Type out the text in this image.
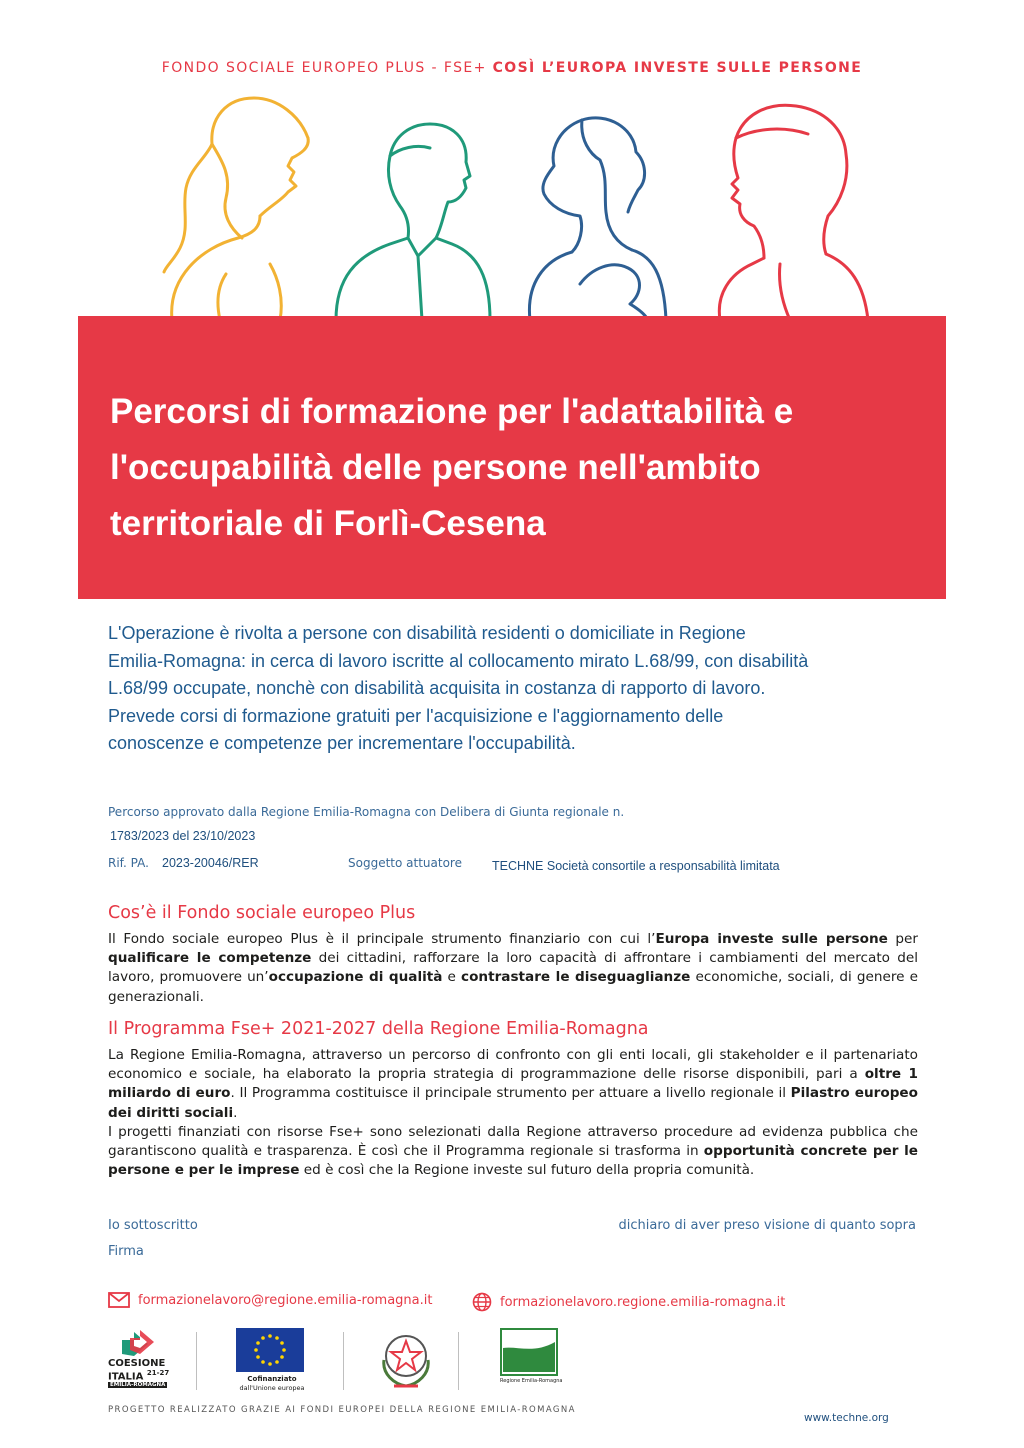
FONDO SOCIALE EUROPEO PLUS - FSE+ COSÌ L’EUROPA INVESTE SULLE PERSONE
Percorsi di formazione per l'adattabilità e
l'occupabilità delle persone nell'ambito
territoriale di Forlì-Cesena
L'Operazione è rivolta a persone con disabilità residenti o domiciliate in Regione
Emilia-Romagna: in cerca di lavoro iscritte al collocamento mirato L.68/99, con disabilità
L.68/99 occupate, nonchè con disabilità acquisita in costanza di rapporto di lavoro.
Prevede corsi di formazione gratuiti per l'acquisizione e l'aggiornamento delle
conoscenze e competenze per incrementare l'occupabilità.
Percorso approvato dalla Regione Emilia-Romagna con Delibera di Giunta regionale n.
1783/2023 del 23/10/2023
Rif. PA. 2023-20046/RER	Soggetto attuatore TECHNE Società consortile a responsabilità limitata
Cos’è il Fondo sociale europeo Plus
Il Fondo sociale europeo Plus è il principale strumento finanziario con cui l’Europa investe sulle persone per qualificare le competenze dei cittadini, rafforzare la loro capacità di affrontare i cambiamenti del mercato del lavoro, promuovere un’occupazione di qualità e contrastare le diseguaglianze economiche, sociali, di genere e generazionali.
Il Programma Fse+ 2021-2027 della Regione Emilia-Romagna
La Regione Emilia-Romagna, attraverso un percorso di confronto con gli enti locali, gli stakeholder e il partenariato economico e sociale, ha elaborato la propria strategia di programmazione delle risorse disponibili, pari a oltre 1 miliardo di euro. Il Programma costituisce il principale strumento per attuare a livello regionale il Pilastro europeo dei diritti sociali.
I progetti finanziati con risorse Fse+ sono selezionati dalla Regione attraverso procedure ad evidenza pubblica che garantiscono qualità e trasparenza. È così che il Programma regionale si trasforma in opportunità concrete per le persone e per le imprese ed è così che la Regione investe sul futuro della propria comunità.
Io sottoscritto	dichiaro di aver preso visione di quanto sopra
Firma
formazionelavoro@regione.emilia-romagna.it	formazionelavoro.regione.emilia-romagna.it
COESIONE
ITALIA $^{21-27}$
EMILIA-ROMAGNA
Cofinanziato
dall'Unione europea
Regione Emilia-Romagna
PROGETTO REALIZZATO GRAZIE AI FONDI EUROPEI DELLA REGIONE EMILIA-ROMAGNA
www.techne.org
